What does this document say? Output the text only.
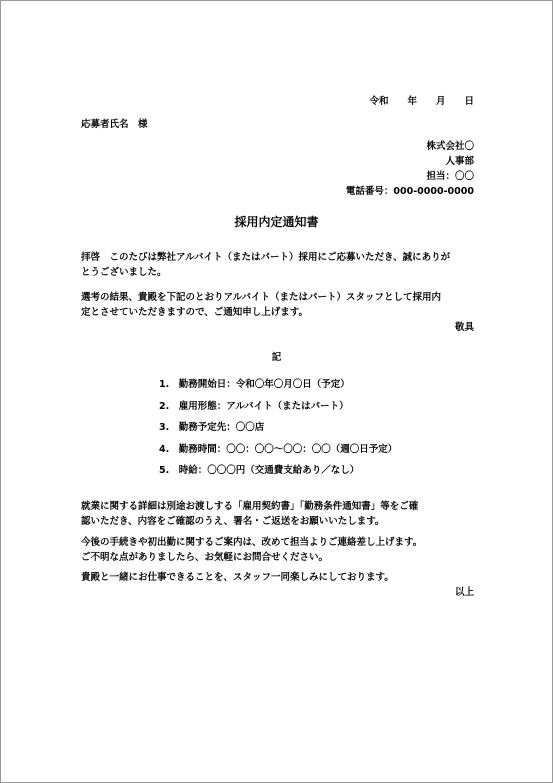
令和　　年　　月　　日
応募者氏名　様
株式会社〇
人事部
担当：〇〇
電話番号：000-0000-0000
採用内定通知書
拝啓　このたびは弊社アルバイト（またはパート）採用にご応募いただき、誠にありが
とうございました。
選考の結果、貴殿を下記のとおりアルバイト（またはパート）スタッフとして採用内
定とさせていただきますので、ご通知申し上げます。
敬具
記
1.　勤務開始日：令和〇年〇月〇日（予定）
2.　雇用形態：アルバイト（またはパート）
3.　勤務予定先：〇〇店
4.　勤務時間：〇〇：〇〇～〇〇：〇〇（週〇日予定）
5.　時給：〇〇〇円（交通費支給あり／なし）
就業に関する詳細は別途お渡しする「雇用契約書」「勤務条件通知書」等をご確
認いただき、内容をご確認のうえ、署名・ご返送をお願いいたします。
今後の手続きや初出勤に関するご案内は、改めて担当よりご連絡差し上げます。
ご不明な点がありましたら、お気軽にお問合せください。
貴殿と一緒にお仕事できることを、スタッフ一同楽しみにしております。
以上
